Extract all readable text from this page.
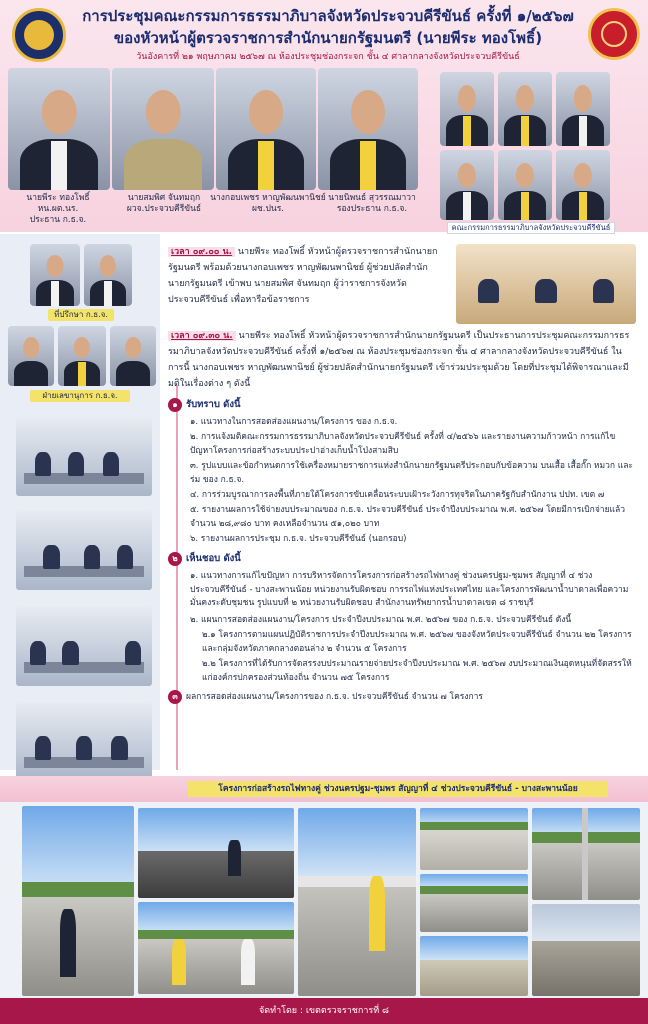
การประชุมคณะกรรมการธรรมาภิบาลจังหวัดประจวบคีรีขันธ์ ครั้งที่ ๑/๒๕๖๗
ของหัวหน้าผู้ตรวจราชการสำนักนายกรัฐมนตรี (นายพีระ ทองโพธิ์)
วันอังคารที่ ๒๑ พฤษภาคม ๒๕๖๗ ณ ห้องประชุมช่องกระจก ชั้น ๔ ศาลากลางจังหวัดประจวบคีรีขันธ์
นายพีระ ทองโพธิ์
หน.ผต.นร.
ประธาน ก.ธ.จ.
นายสมพิศ จันทมฤก
ผวจ.ประจวบคีรีขันธ์
นางกอบเพชร หาญพัฒนพานิชย์
ผช.ปนร.
นายนิพนธ์ สุวรรณมาวา
รองประธาน ก.ธ.จ.
คณะกรรมการธรรมาภิบาลจังหวัดประจวบคีรีขันธ์
ที่ปรึกษา ก.ธ.จ.
ฝ่ายเลขานุการ ก.ธ.จ.
เวลา ๐๙.๐๐ น. นายพีระ ทองโพธิ์ หัวหน้าผู้ตรวจราชการสำนักนายกรัฐมนตรี พร้อมด้วยนางกอบเพชร หาญพัฒนพานิชย์ ผู้ช่วยปลัดสำนักนายกรัฐมนตรี เข้าพบ นายสมพิศ จันทมฤก ผู้ว่าราชการจังหวัดประจวบคีรีขันธ์ เพื่อหารือข้อราชการ
เวลา ๐๙.๓๐ น. นายพีระ ทองโพธิ์ หัวหน้าผู้ตรวจราชการสำนักนายกรัฐมนตรี เป็นประธานการประชุมคณะกรรมการธรรมาภิบาลจังหวัดประจวบคีรีขันธ์ ครั้งที่ ๑/๒๕๖๗ ณ ห้องประชุมช่องกระจก ชั้น ๔ ศาลากลางจังหวัดประจวบคีรีขันธ์ ในการนี้ นางกอบเพชร หาญพัฒนพานิชย์ ผู้ช่วยปลัดสำนักนายกรัฐมนตรี เข้าร่วมประชุมด้วย โดยที่ประชุมได้พิจารณาและมีมติในเรื่องต่าง ๆ ดังนี้
๑ รับทราบ ดังนี้
๑. แนวทางในการสอดส่องแผนงาน/โครงการ ของ ก.ธ.จ.
๒. การแจ้งมติคณะกรรมการธรรมาภิบาลจังหวัดประจวบคีรีขันธ์ ครั้งที่ ๔/๒๕๖๖ และรายงานความก้าวหน้า การแก้ไขปัญหาโครงการก่อสร้างระบบประปาอ่างเก็บน้ำโป่งสามสิบ
๓. รูปแบบและข้อกำหนดการใช้เครื่องหมายราชการแห่งสำนักนายกรัฐมนตรีประกอบกับข้อความ บนเสื้อ เสื้อกั๊ก หมวก และ ร่ม ของ ก.ธ.จ.
๔. การร่วมบูรณาการลงพื้นที่ภายใต้โครงการขับเคลื่อนระบบเฝ้าระวังการทุจริตในภาครัฐกับสำนักงาน ปปท. เขต ๗
๕. รายงานผลการใช้จ่ายงบประมาณของ ก.ธ.จ. ประจวบคีรีขันธ์ ประจำปีงบประมาณ พ.ศ. ๒๕๖๗ โดยมีการเบิกจ่ายแล้วจำนวน ๒๘,๙๘๐ บาท คงเหลือจำนวน ๕๑,๐๒๐ บาท
๖. รายงานผลการประชุม ก.ธ.จ. ประจวบคีรีขันธ์ (นอกรอบ)
๒ เห็นชอบ ดังนี้
๑. แนวทางการแก้ไขปัญหา การบริหารจัดการโครงการก่อสร้างรถไฟทางคู่ ช่วงนครปฐม-ชุมพร สัญญาที่ ๔ ช่วงประจวบคีรีขันธ์ - บางสะพานน้อย หน่วยงานรับผิดชอบ การรถไฟแห่งประเทศไทย และโครงการพัฒนาน้ำบาดาลเพื่อความมั่นคงระดับชุมชน รูปแบบที่ ๒ หน่วยงานรับผิดชอบ สำนักงานทรัพยากรน้ำบาดาลเขต ๘ ราชบุรี
๒. แผนการสอดส่องแผนงาน/โครงการ ประจำปีงบประมาณ พ.ศ. ๒๕๖๗ ของ ก.ธ.จ. ประจวบคีรีขันธ์ ดังนี้
๒.๑ โครงการตามแผนปฏิบัติราชการประจำปีงบประมาณ พ.ศ. ๒๕๖๗ ของจังหวัดประจวบคีรีขันธ์ จำนวน ๒๒ โครงการ และกลุ่มจังหวัดภาคกลางตอนล่าง ๒ จำนวน ๕ โครงการ
๒.๒ โครงการที่ได้รับการจัดสรรงบประมาณรายจ่ายประจำปีงบประมาณ พ.ศ. ๒๕๖๗ งบประมาณเงินอุดหนุนที่จัดสรรให้แก่องค์กรปกครองส่วนท้องถิ่น จำนวน ๗๕ โครงการ
๓ ผลการสอดส่องแผนงาน/โครงการของ ก.ธ.จ. ประจวบคีรีขันธ์ จำนวน ๗ โครงการ
โครงการก่อสร้างรถไฟทางคู่ ช่วงนครปฐม-ชุมพร สัญญาที่ ๔ ช่วงประจวบคีรีขันธ์ - บางสะพานน้อย
จัดทำโดย : เขตตรวจราชการที่ ๘
